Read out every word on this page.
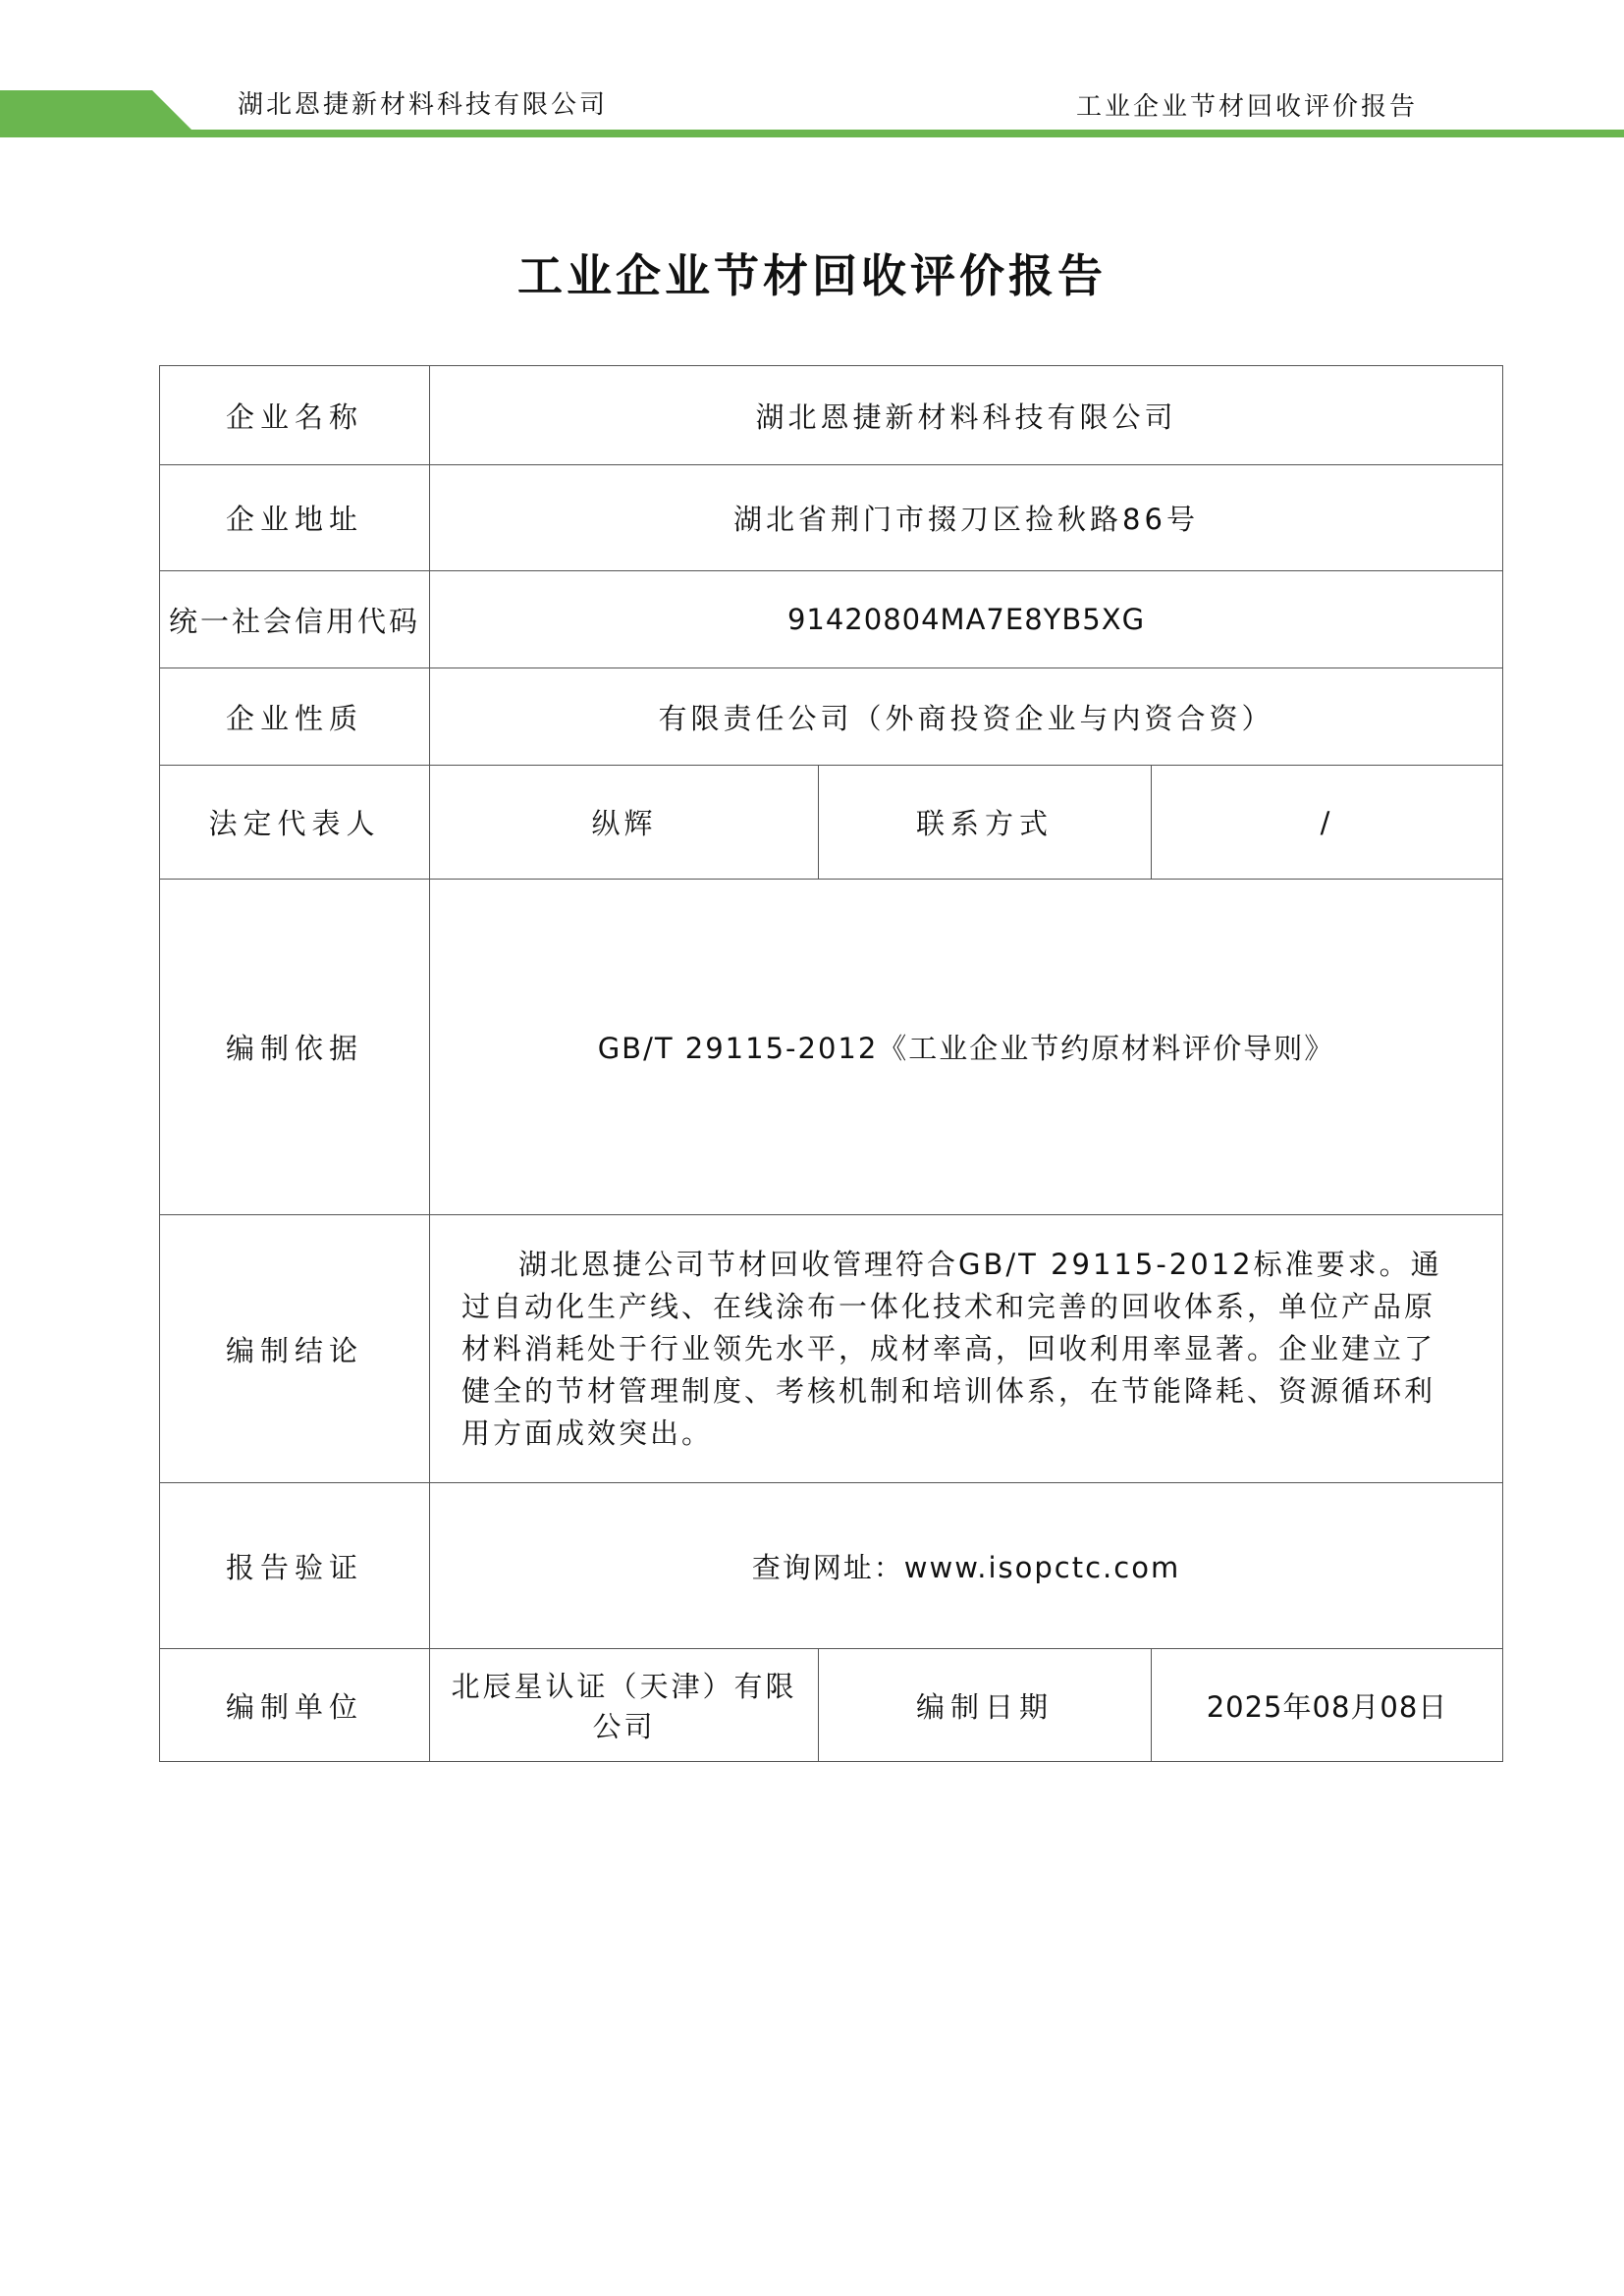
湖北恩捷新材料科技有限公司	工业企业节材回收评价报告
工业企业节材回收评价报告
企业名称	湖北恩捷新材料科技有限公司		
企业地址	湖北省荆门市掇刀区捡秋路86号		
统一社会信用代码	91420804MA7E8YB5XG		
企业性质	有限责任公司（外商投资企业与内资合资）		
法定代表人	纵辉	联系方式	/
编制依据	GB/T 29115-2012《工业企业节约原材料评价导则》		
编制结论	湖北恩捷公司节材回收管理符合GB/T 29115-2012标准要求。通过自动化生产线、在线涂布一体化技术和完善的回收体系，单位产品原材料消耗处于行业领先水平，成材率高，回收利用率显著。企业建立了健全的节材管理制度、考核机制和培训体系，在节能降耗、资源循环利用方面成效突出。		

报告验证	查询网址：www.isopctc.com		
编制单位	北辰星认证（天津）有限公司	编制日期	2025年08月08日
